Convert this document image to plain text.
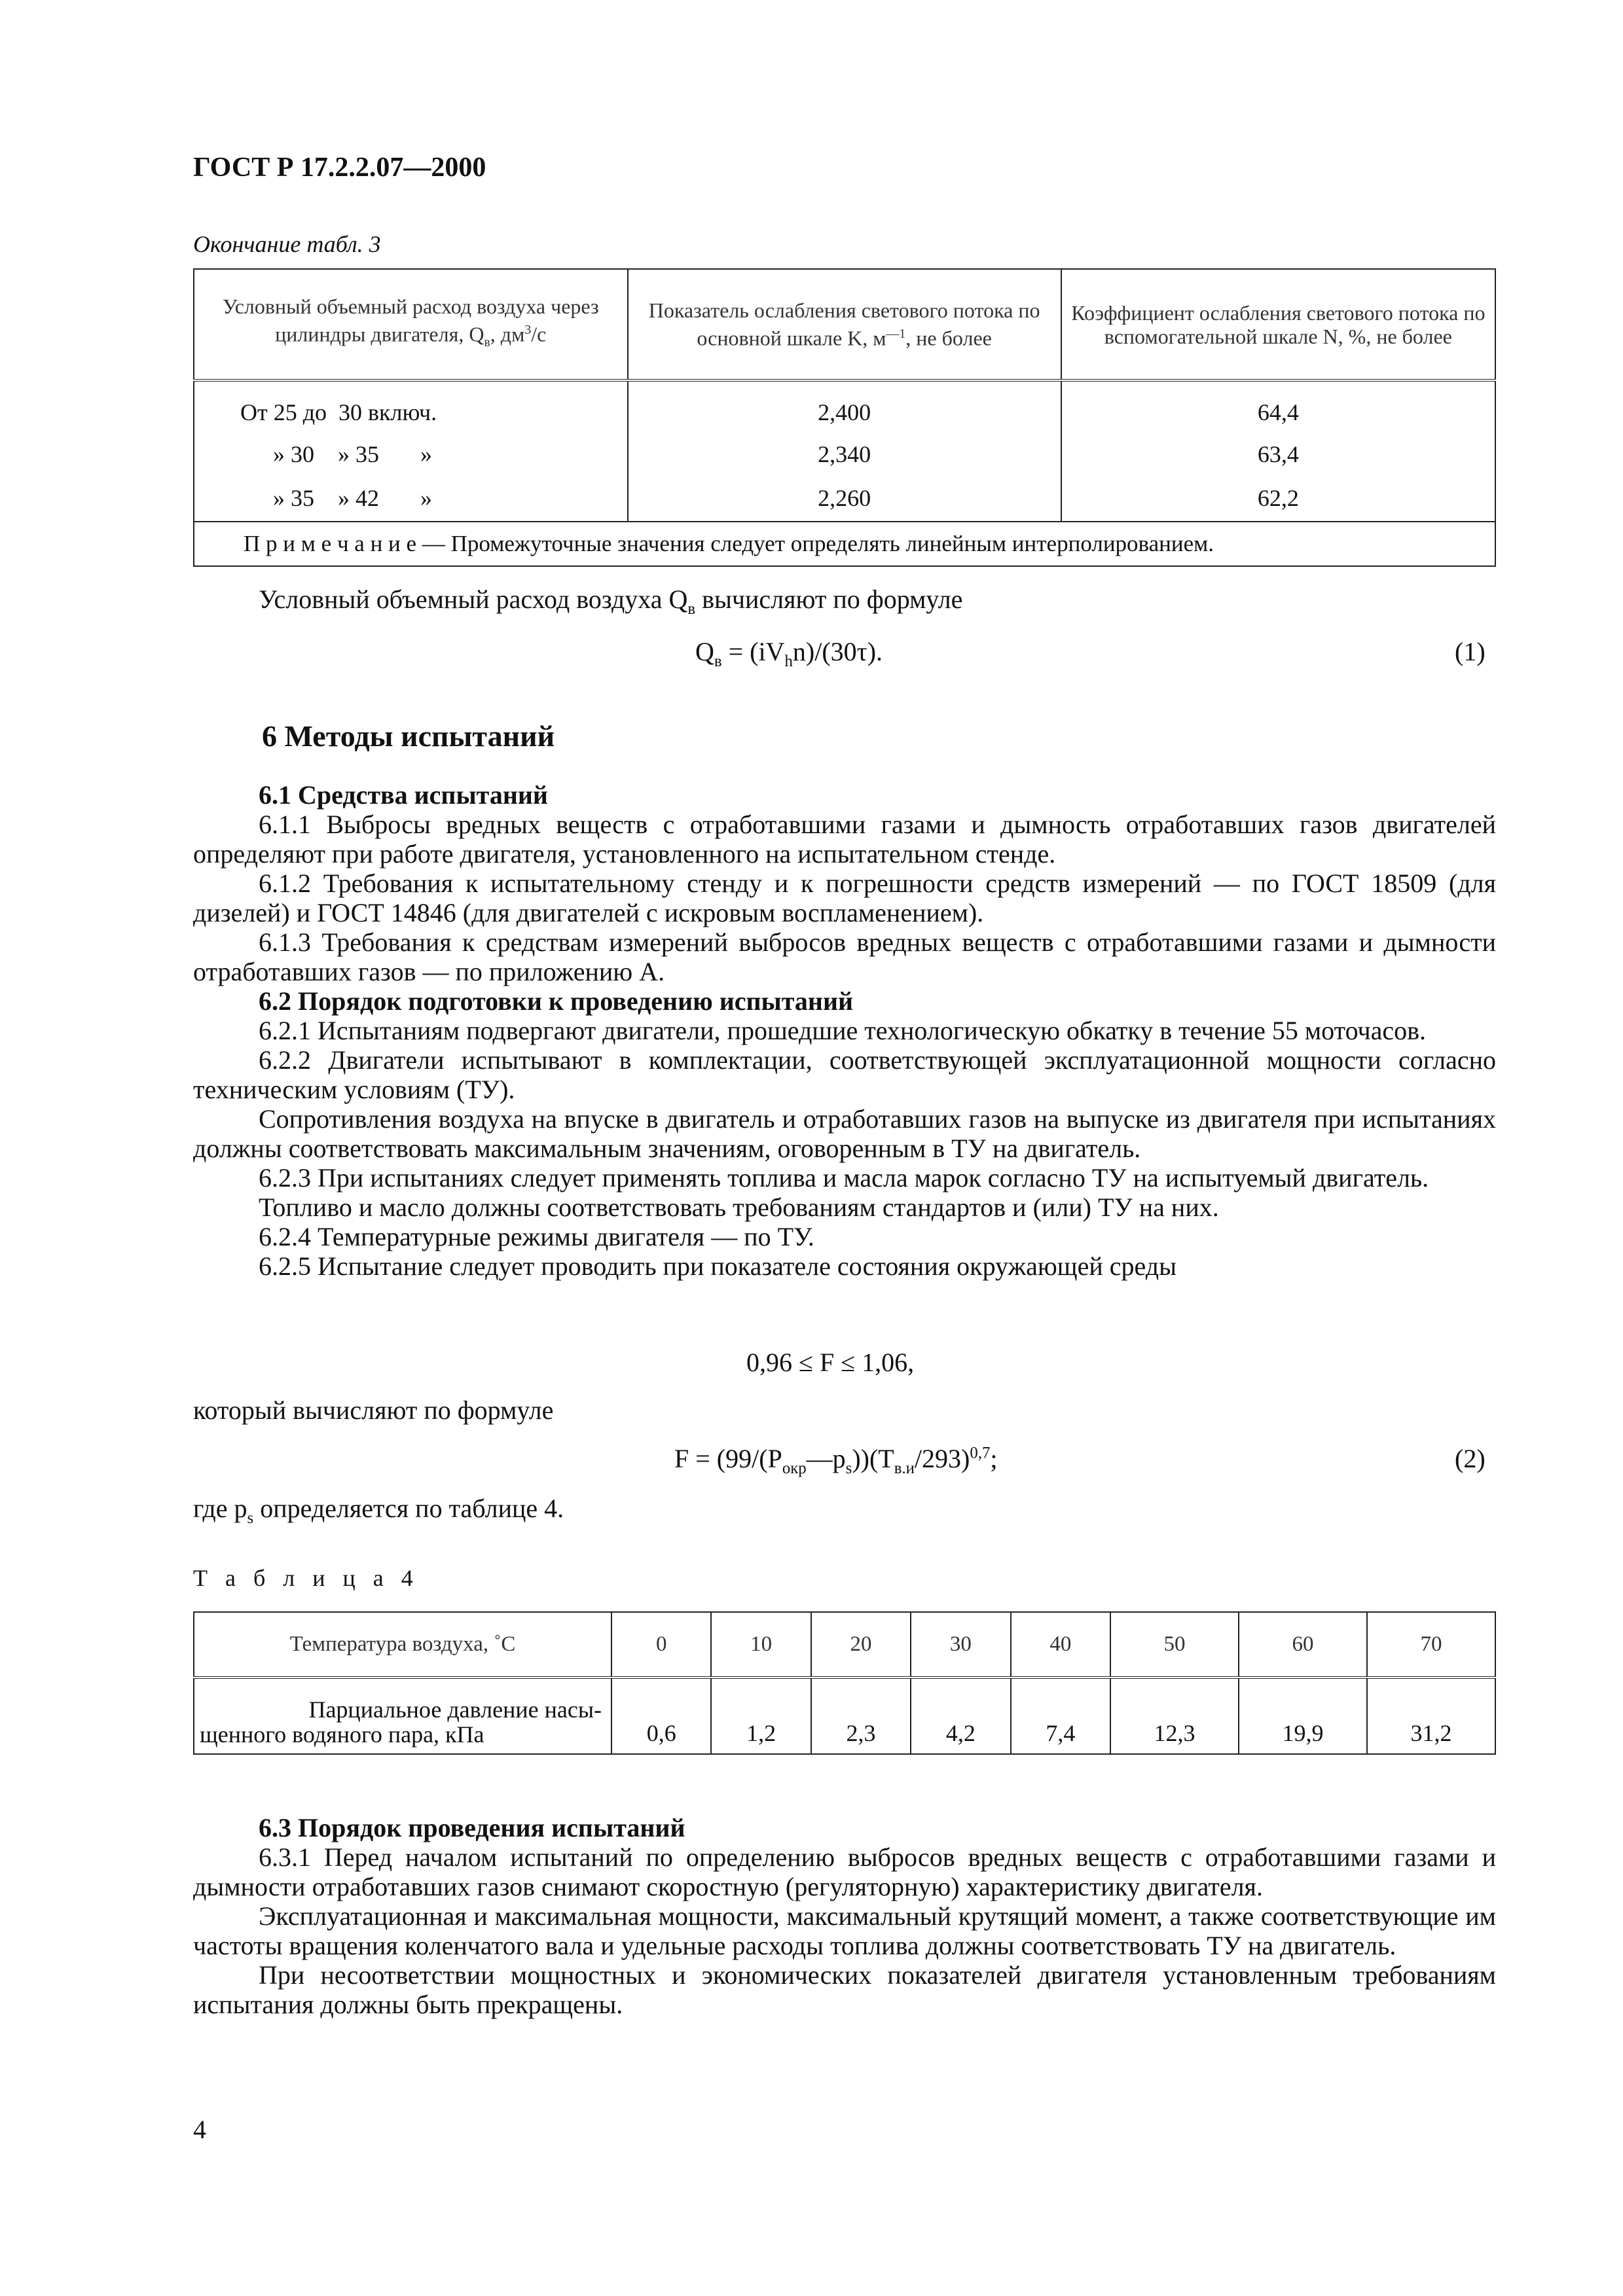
ГОСТ Р 17.2.2.07—2000
Окончание табл. 3
Условный объемный расход воздуха через цилиндры двигателя, $Q_в$, $дм^3/с$	Показатель ослабления светового потока по основной шкале K, $м^{—1}$, не более	Коэффициент ослабления светового потока по вспомогательной шкале N, %, не более
От 25 до  30 включ.	2,400	64,4
» 30    » 35       »	2,340	63,4
» 35    » 42       »	2,260	62,2
П р и м е ч а н и е — Промежуточные значения следует определять линейным интерполированием.		
Условный объемный расход воздуха $Q_в$ вычисляют по формуле
$Q_в = (iV_hn)/(30\tau)$.	(1)
6 Методы испытаний
6.1 Средства испытаний
6.1.1 Выбросы вредных веществ с отработавшими газами и дымность отработавших газов двигателей определяют при работе двигателя, установленного на испытательном стенде.
6.1.2 Требования к испытательному стенду и к погрешности средств измерений — по ГОСТ 18509 (для дизелей) и ГОСТ 14846 (для двигателей с искровым воспламенением).
6.1.3 Требования к средствам измерений выбросов вредных веществ с отработавшими газами и дымности отработавших газов — по приложению А.
6.2 Порядок подготовки к проведению испытаний
6.2.1 Испытаниям подвергают двигатели, прошедшие технологическую обкатку в течение 55 моточасов.
6.2.2 Двигатели испытывают в комплектации, соответствующей эксплуатационной мощности согласно техническим условиям (ТУ).
Сопротивления воздуха на впуске в двигатель и отработавших газов на выпуске из двигателя при испытаниях должны соответствовать максимальным значениям, оговоренным в ТУ на двигатель.
6.2.3 При испытаниях следует применять топлива и масла марок согласно ТУ на испытуемый двигатель.
Топливо и масло должны соответствовать требованиям стандартов и (или) ТУ на них.
6.2.4 Температурные режимы двигателя — по ТУ.
6.2.5 Испытание следует проводить при показателе состояния окружающей среды
0,96 ≤ F ≤ 1,06,
который вычисляют по формуле
$F = (99/(P_{окр}—p_s))(T_{в.и}/293)^{0,7}$;	(2)
где $p_s$ определяется по таблице 4.
Т а б л и ц а 4
Температура воздуха, ˚С	0	10	20	30	40	50	60	70

Парциальное давление насы-
щенного водяного пара, кПа	0,6	1,2	2,3	4,2	7,4	12,3	19,9	31,2
6.3 Порядок проведения испытаний
6.3.1 Перед началом испытаний по определению выбросов вредных веществ с отработавшими газами и дымности отработавших газов снимают скоростную (регуляторную) характеристику двигателя.
Эксплуатационная и максимальная мощности, максимальный крутящий момент, а также соответствующие им частоты вращения коленчатого вала и удельные расходы топлива должны соответствовать ТУ на двигатель.
При несоответствии мощностных и экономических показателей двигателя установленным требованиям испытания должны быть прекращены.
4
